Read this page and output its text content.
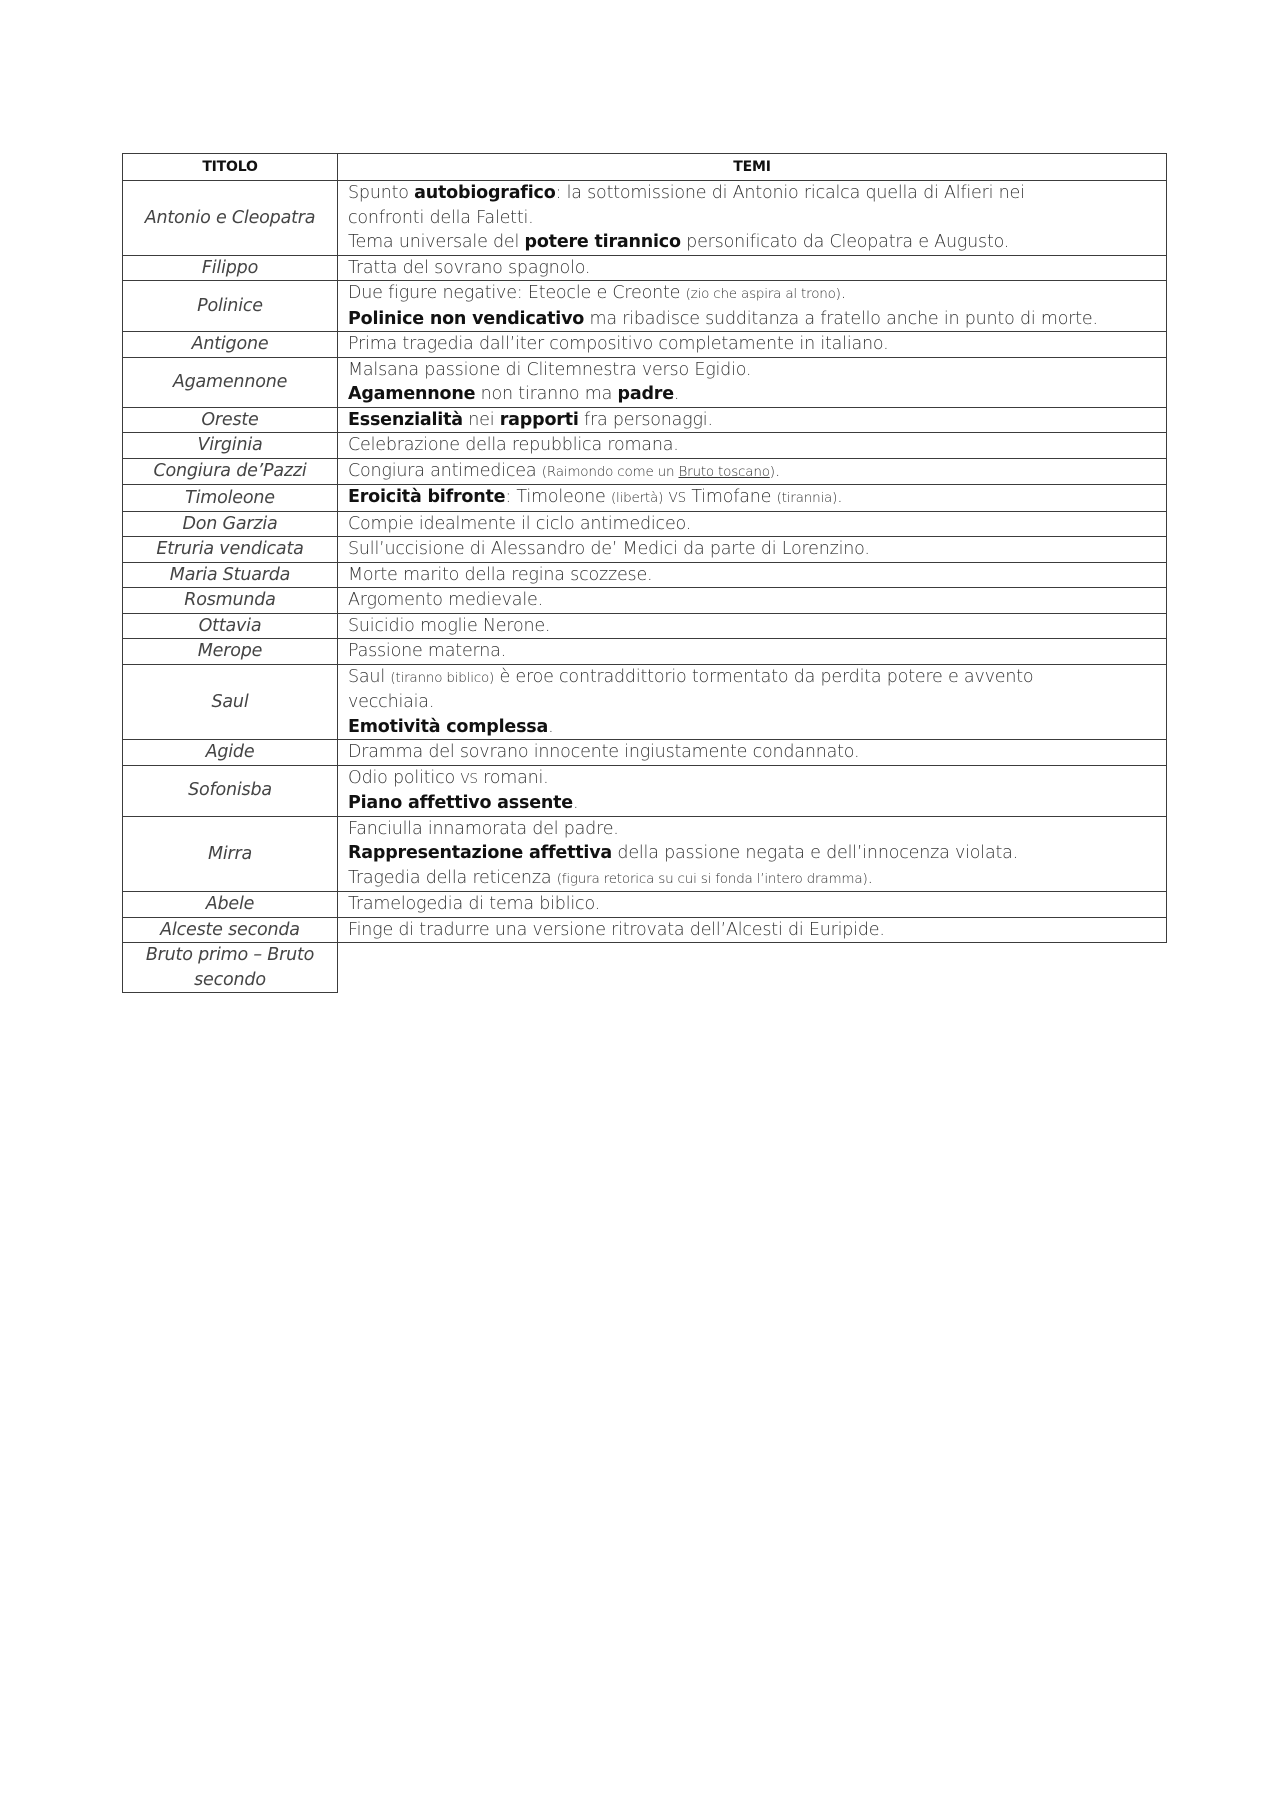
TITOLO	TEMI
Antonio e Cleopatra	Spunto autobiografico: la sottomissione di Antonio ricalca quella di Alfieri nei
confronti della Faletti.
Tema universale del potere tirannico personificato da Cleopatra e Augusto.

Filippo	Tratta del sovrano spagnolo.

Polinice	Due figure negative: Eteocle e Creonte (zio che aspira al trono).
Polinice non vendicativo ma ribadisce sudditanza a fratello anche in punto di morte.

Antigone	Prima tragedia dall’iter compositivo completamente in italiano.

Agamennone	Malsana passione di Clitemnestra verso Egidio.
Agamennone non tiranno ma padre.

Oreste	Essenzialità nei rapporti fra personaggi.

Virginia	Celebrazione della repubblica romana.

Congiura de’Pazzi	Congiura antimedicea (Raimondo come un Bruto toscano).

Timoleone	Eroicità bifronte: Timoleone (libertà) VS Timofane (tirannia).

Don Garzia	Compie idealmente il ciclo antimediceo.

Etruria vendicata	Sull’uccisione di Alessandro de’ Medici da parte di Lorenzino.

Maria Stuarda	Morte marito della regina scozzese.

Rosmunda	Argomento medievale.

Ottavia	Suicidio moglie Nerone.

Merope	Passione materna.

Saul	Saul (tiranno biblico) è eroe contraddittorio tormentato da perdita potere e avvento
vecchiaia.
Emotività complessa.

Agide	Dramma del sovrano innocente ingiustamente condannato.

Sofonisba	Odio politico VS romani.
Piano affettivo assente.

Mirra	Fanciulla innamorata del padre.
Rappresentazione affettiva della passione negata e dell’innocenza violata.
Tragedia della reticenza (figura retorica su cui si fonda l’intero dramma).

Abele	Tramelogedia di tema biblico.

Alceste seconda	Finge di tradurre una versione ritrovata dell’Alcesti di Euripide.

Bruto primo – Bruto secondo	
